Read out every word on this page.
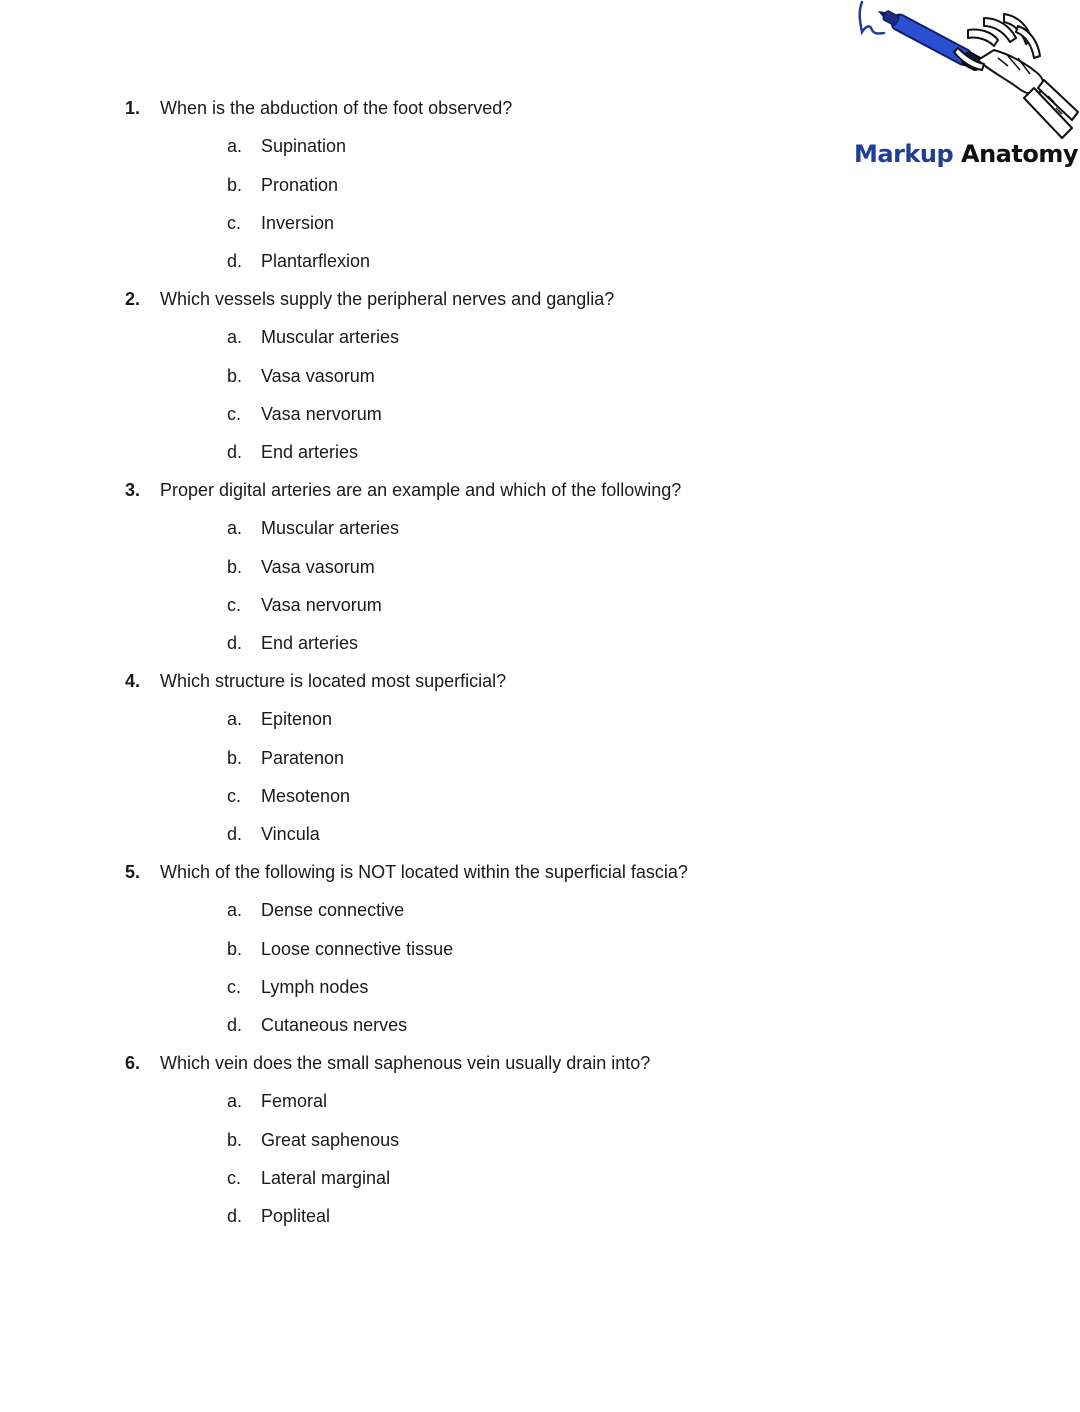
Markup Anatomy
1. When is the abduction of the foot observed?
a. Supination
b. Pronation
c. Inversion
d. Plantarflexion
2. Which vessels supply the peripheral nerves and ganglia?
a. Muscular arteries
b. Vasa vasorum
c. Vasa nervorum
d. End arteries
3. Proper digital arteries are an example and which of the following?
a. Muscular arteries
b. Vasa vasorum
c. Vasa nervorum
d. End arteries
4. Which structure is located most superficial?
a. Epitenon
b. Paratenon
c. Mesotenon
d. Vincula
5. Which of the following is NOT located within the superficial fascia?
a. Dense connective
b. Loose connective tissue
c. Lymph nodes
d. Cutaneous nerves
6. Which vein does the small saphenous vein usually drain into?
a. Femoral
b. Great saphenous
c. Lateral marginal
d. Popliteal
